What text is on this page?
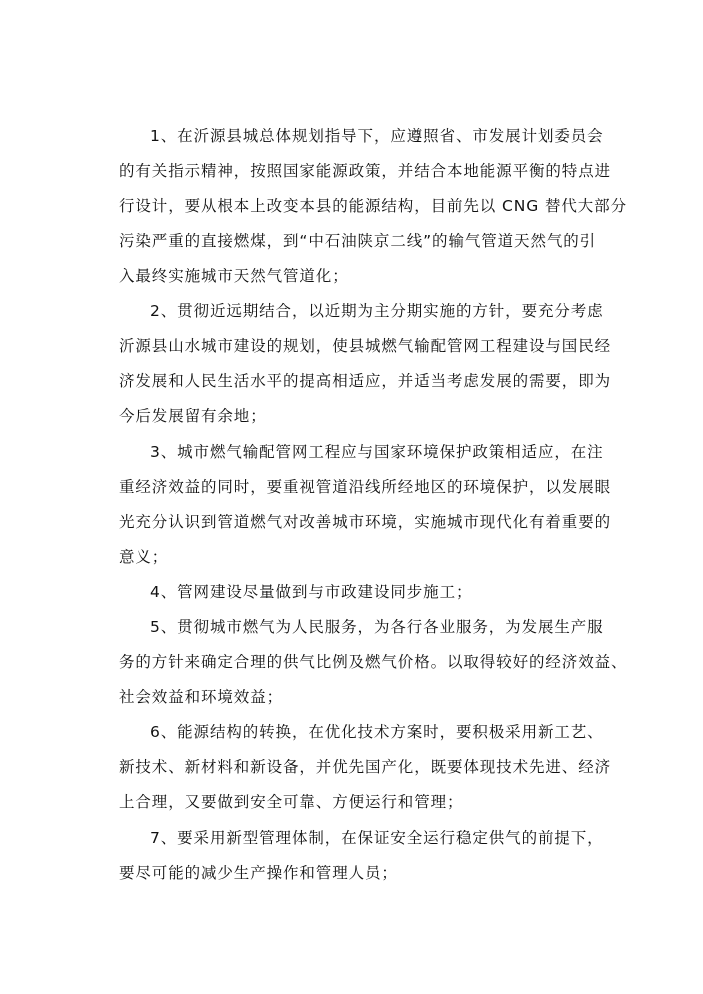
1、在沂源县城总体规划指导下，应遵照省、市发展计划委员会
的有关指示精神，按照国家能源政策，并结合本地能源平衡的特点进
行设计，要从根本上改变本县的能源结构，目前先以 CNG 替代大部分
污染严重的直接燃煤，到“中石油陕京二线”的输气管道天然气的引
入最终实施城市天然气管道化；
2、贯彻近远期结合，以近期为主分期实施的方针，要充分考虑
沂源县山水城市建设的规划，使县城燃气输配管网工程建设与国民经
济发展和人民生活水平的提高相适应，并适当考虑发展的需要，即为
今后发展留有余地；
3、城市燃气输配管网工程应与国家环境保护政策相适应，在注
重经济效益的同时，要重视管道沿线所经地区的环境保护，以发展眼
光充分认识到管道燃气对改善城市环境，实施城市现代化有着重要的
意义；
4、管网建设尽量做到与市政建设同步施工；
5、贯彻城市燃气为人民服务，为各行各业服务，为发展生产服
务的方针来确定合理的供气比例及燃气价格。以取得较好的经济效益、
社会效益和环境效益；
6、能源结构的转换，在优化技术方案时，要积极采用新工艺、
新技术、新材料和新设备，并优先国产化，既要体现技术先进、经济
上合理，又要做到安全可靠、方便运行和管理；
7、要采用新型管理体制，在保证安全运行稳定供气的前提下，
要尽可能的减少生产操作和管理人员；
